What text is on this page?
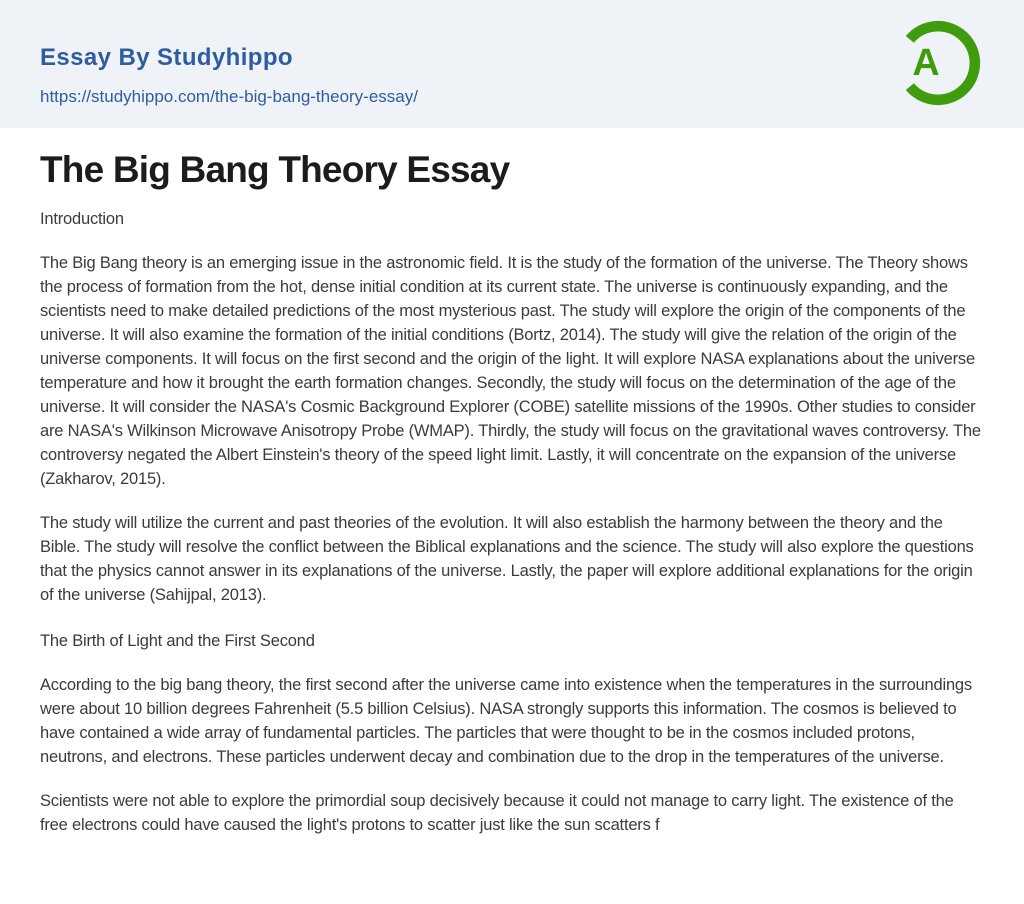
Essay By Studyhippo
https://studyhippo.com/the-big-bang-theory-essay/
A
The Big Bang Theory Essay

Introduction

The Big Bang theory is an emerging issue in the astronomic field. It is the study of the formation of the universe. The Theory shows the process of formation from the hot, dense initial condition at its current state. The universe is continuously expanding, and the scientists need to make detailed predictions of the most mysterious past. The study will explore the origin of the components of the universe. It will also examine the formation of the initial conditions (Bortz, 2014). The study will give the relation of the origin of the universe components. It will focus on the first second and the origin of the light. It will explore NASA explanations about the universe temperature and how it brought the earth formation changes. Secondly, the study will focus on the determination of the age of the universe. It will consider the NASA's Cosmic Background Explorer (COBE) satellite missions of the 1990s. Other studies to consider are NASA's Wilkinson Microwave Anisotropy Probe (WMAP). Thirdly, the study will focus on the gravitational waves controversy. The controversy negated the Albert Einstein's theory of the speed light limit. Lastly, it will concentrate on the expansion of the universe (Zakharov, 2015).

The study will utilize the current and past theories of the evolution. It will also establish the harmony between the theory and the Bible. The study will resolve the conflict between the Biblical explanations and the science. The study will also explore the questions that the physics cannot answer in its explanations of the universe. Lastly, the paper will explore additional explanations for the origin of the universe (Sahijpal, 2013).

The Birth of Light and the First Second

According to the big bang theory, the first second after the universe came into existence when the temperatures in the surroundings were about 10 billion degrees Fahrenheit (5.5 billion Celsius). NASA strongly supports this information. The cosmos is believed to have contained a wide array of fundamental particles. The particles that were thought to be in the cosmos included protons, neutrons, and electrons. These particles underwent decay and combination due to the drop in the temperatures of the universe.

Scientists were not able to explore the primordial soup decisively because it could not manage to carry light. The existence of the free electrons could have caused the light's protons to scatter just like the sun scatters f
